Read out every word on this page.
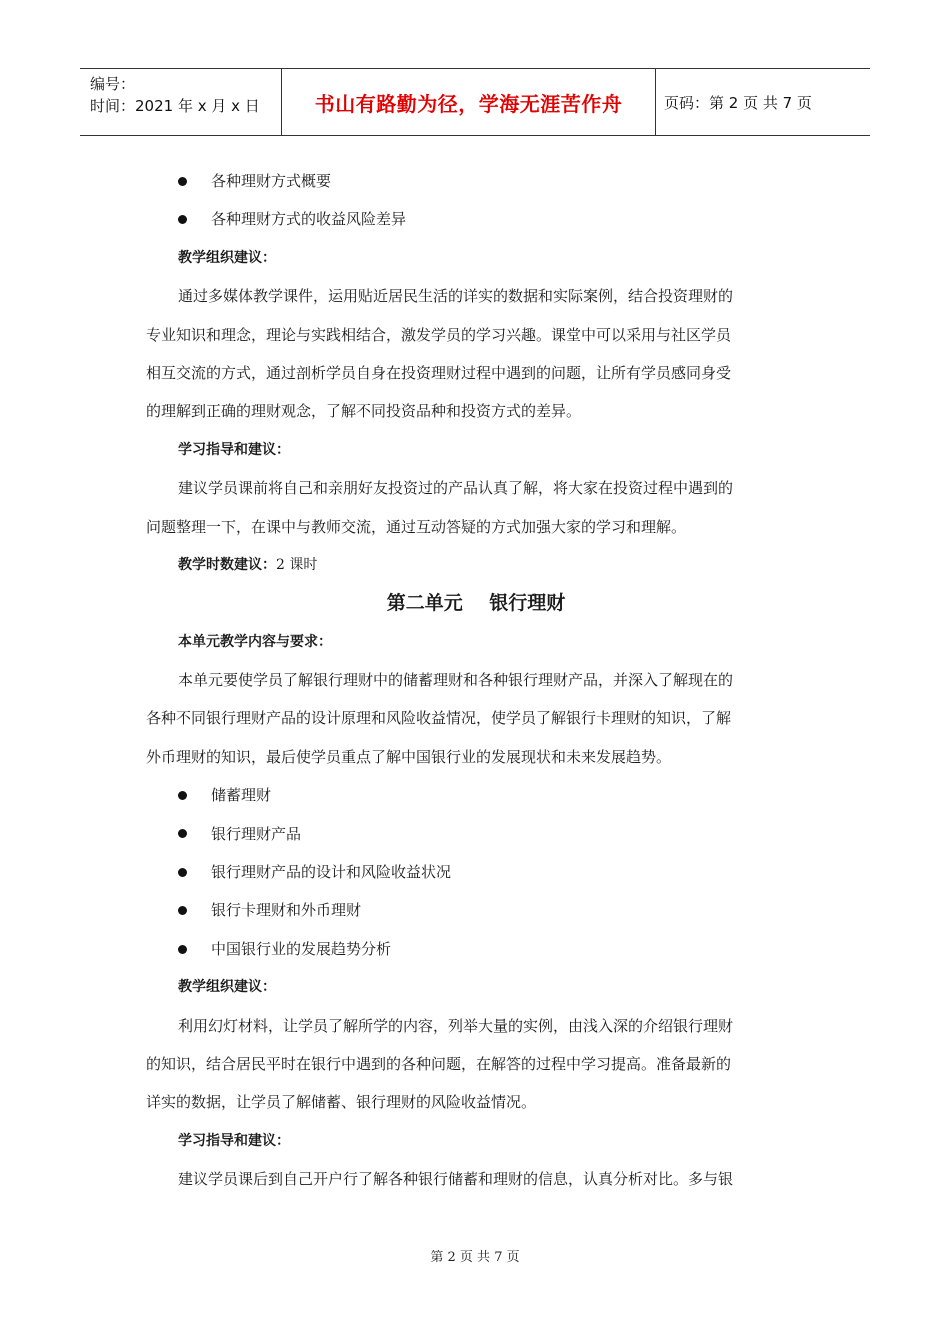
编号：
时间：2021 年 x 月 x 日	书山有路勤为径，学海无涯苦作舟	页码：第 2 页 共 7 页
各种理财方式概要
各种理财方式的收益风险差异
教学组织建议：
通过多媒体教学课件，运用贴近居民生活的详实的数据和实际案例，结合投资理财的
专业知识和理念，理论与实践相结合，激发学员的学习兴趣。课堂中可以采用与社区学员
相互交流的方式，通过剖析学员自身在投资理财过程中遇到的问题，让所有学员感同身受
的理解到正确的理财观念，了解不同投资品种和投资方式的差异。
学习指导和建议：
建议学员课前将自己和亲朋好友投资过的产品认真了解，将大家在投资过程中遇到的
问题整理一下，在课中与教师交流，通过互动答疑的方式加强大家的学习和理解。
教学时数建议：2 课时
第二单元    银行理财
本单元教学内容与要求：
本单元要使学员了解银行理财中的储蓄理财和各种银行理财产品，并深入了解现在的
各种不同银行理财产品的设计原理和风险收益情况，使学员了解银行卡理财的知识，了解
外币理财的知识，最后使学员重点了解中国银行业的发展现状和未来发展趋势。
储蓄理财
银行理财产品
银行理财产品的设计和风险收益状况
银行卡理财和外币理财
中国银行业的发展趋势分析
教学组织建议：
利用幻灯材料，让学员了解所学的内容，列举大量的实例，由浅入深的介绍银行理财
的知识，结合居民平时在银行中遇到的各种问题，在解答的过程中学习提高。准备最新的
详实的数据，让学员了解储蓄、银行理财的风险收益情况。
学习指导和建议：
建议学员课后到自己开户行了解各种银行储蓄和理财的信息，认真分析对比。多与银
第 2 页 共 7 页
